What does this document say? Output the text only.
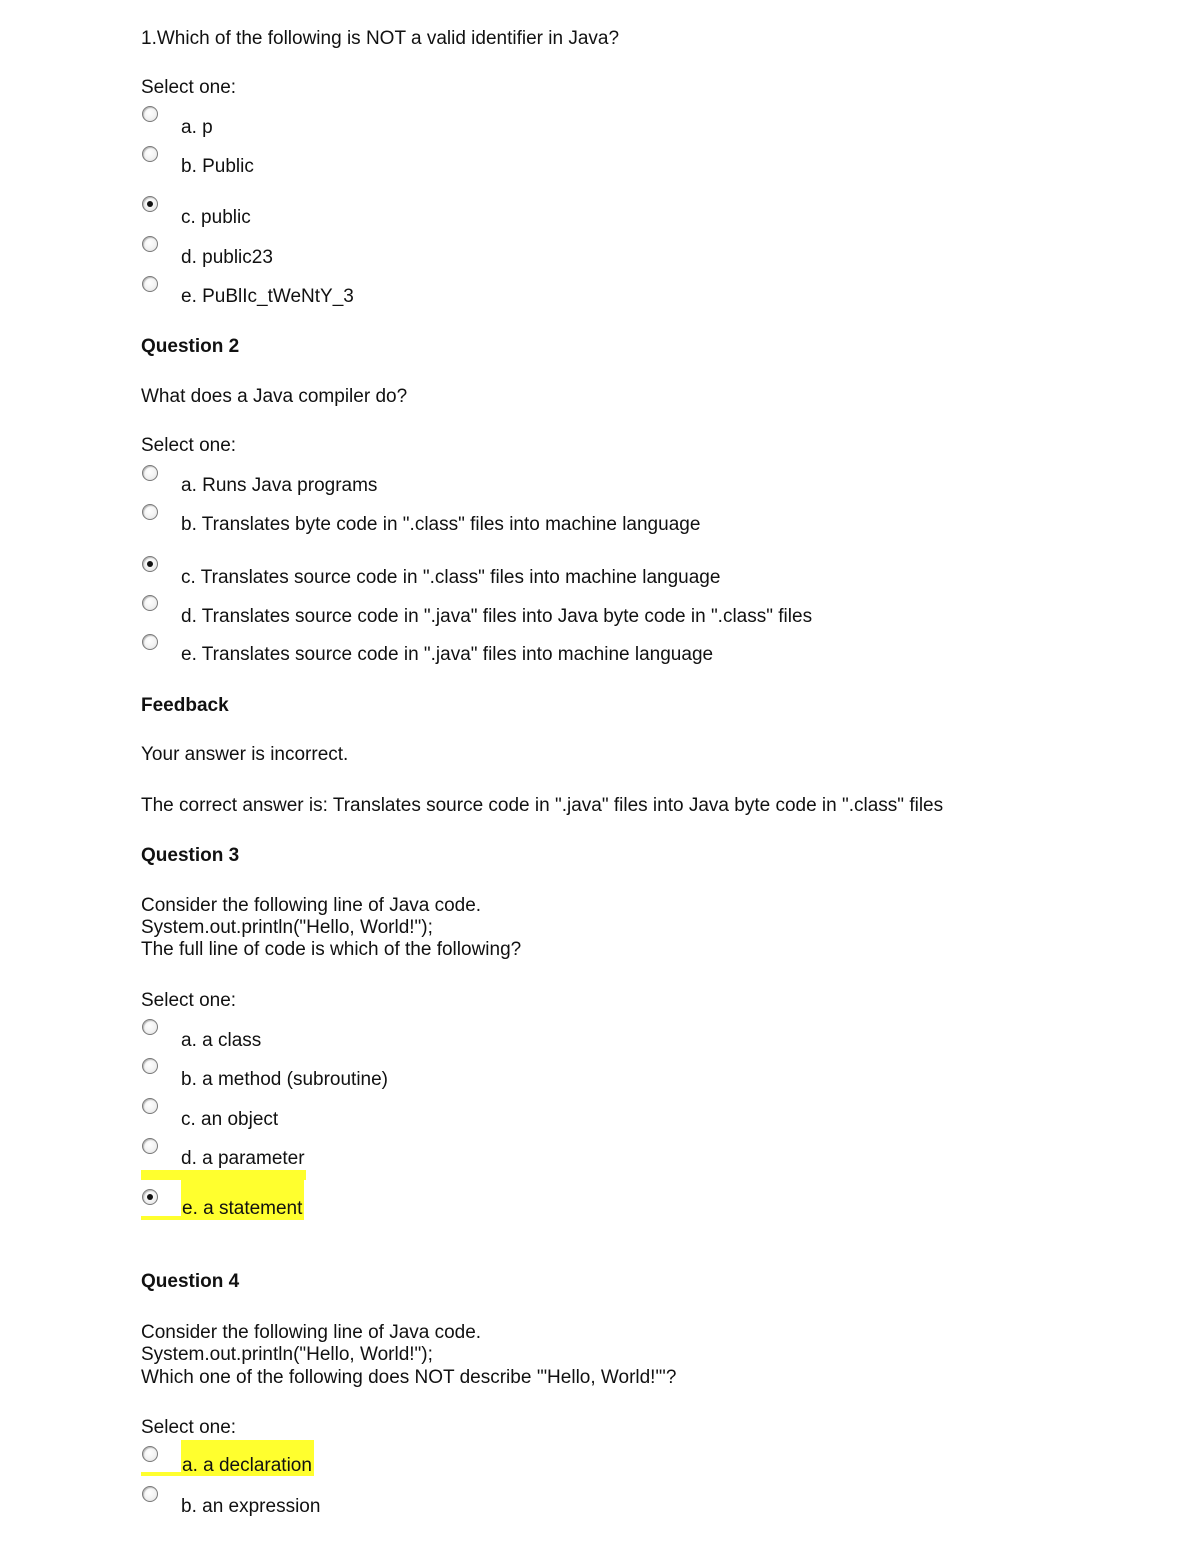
1.Which of the following is NOT a valid identifier in Java?
Select one:
a. p
b. Public
c. public
d. public23
e. PuBlIc_tWeNtY_3
Question 2
What does a Java compiler do?
Select one:
a. Runs Java programs
b. Translates byte code in ".class" files into machine language
c. Translates source code in ".class" files into machine language
d. Translates source code in ".java" files into Java byte code in ".class" files
e. Translates source code in ".java" files into machine language
Feedback
Your answer is incorrect.
The correct answer is: Translates source code in ".java" files into Java byte code in ".class" files
Question 3
Consider the following line of Java code.
System.out.println("Hello, World!");
The full line of code is which of the following?
Select one:
a. a class
b. a method (subroutine)
c. an object
d. a parameter
e. a statement
Question 4
Consider the following line of Java code.
System.out.println("Hello, World!");
Which one of the following does NOT describe '"Hello, World!"'?
Select one:
a. a declaration
b. an expression
